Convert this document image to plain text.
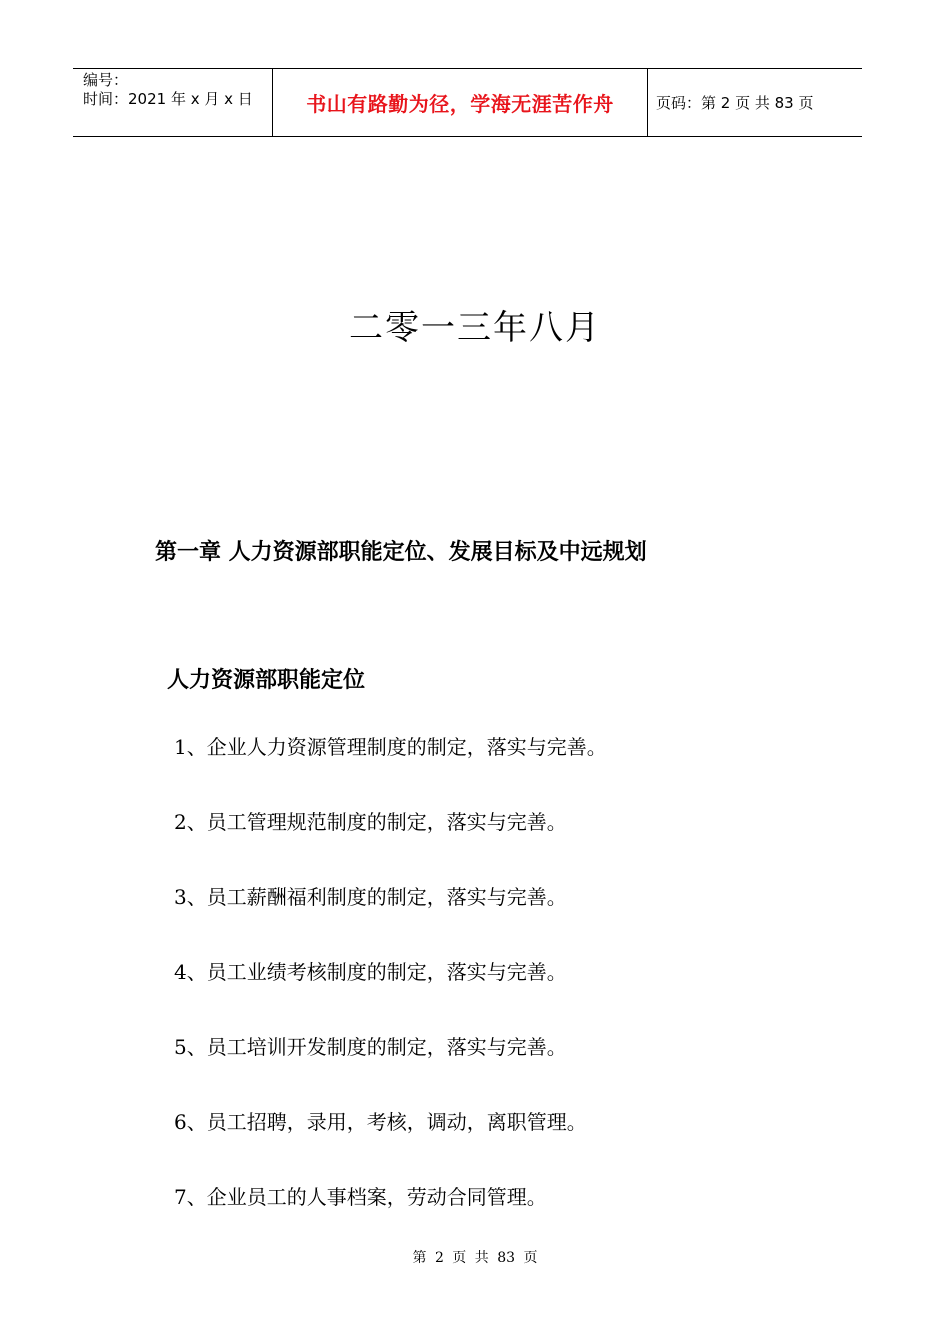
编号：
时间：2021 年 x 月 x 日	书山有路勤为径，学海无涯苦作舟	页码：第 2 页 共 83 页
二零一三年八月
第一章 人力资源部职能定位、发展目标及中远规划
人力资源部职能定位
1、企业人力资源管理制度的制定，落实与完善。
2、员工管理规范制度的制定，落实与完善。
3、员工薪酬福利制度的制定，落实与完善。
4、员工业绩考核制度的制定，落实与完善。
5、员工培训开发制度的制定，落实与完善。
6、员工招聘，录用，考核，调动，离职管理。
7、企业员工的人事档案，劳动合同管理。
第 2 页 共 83 页
